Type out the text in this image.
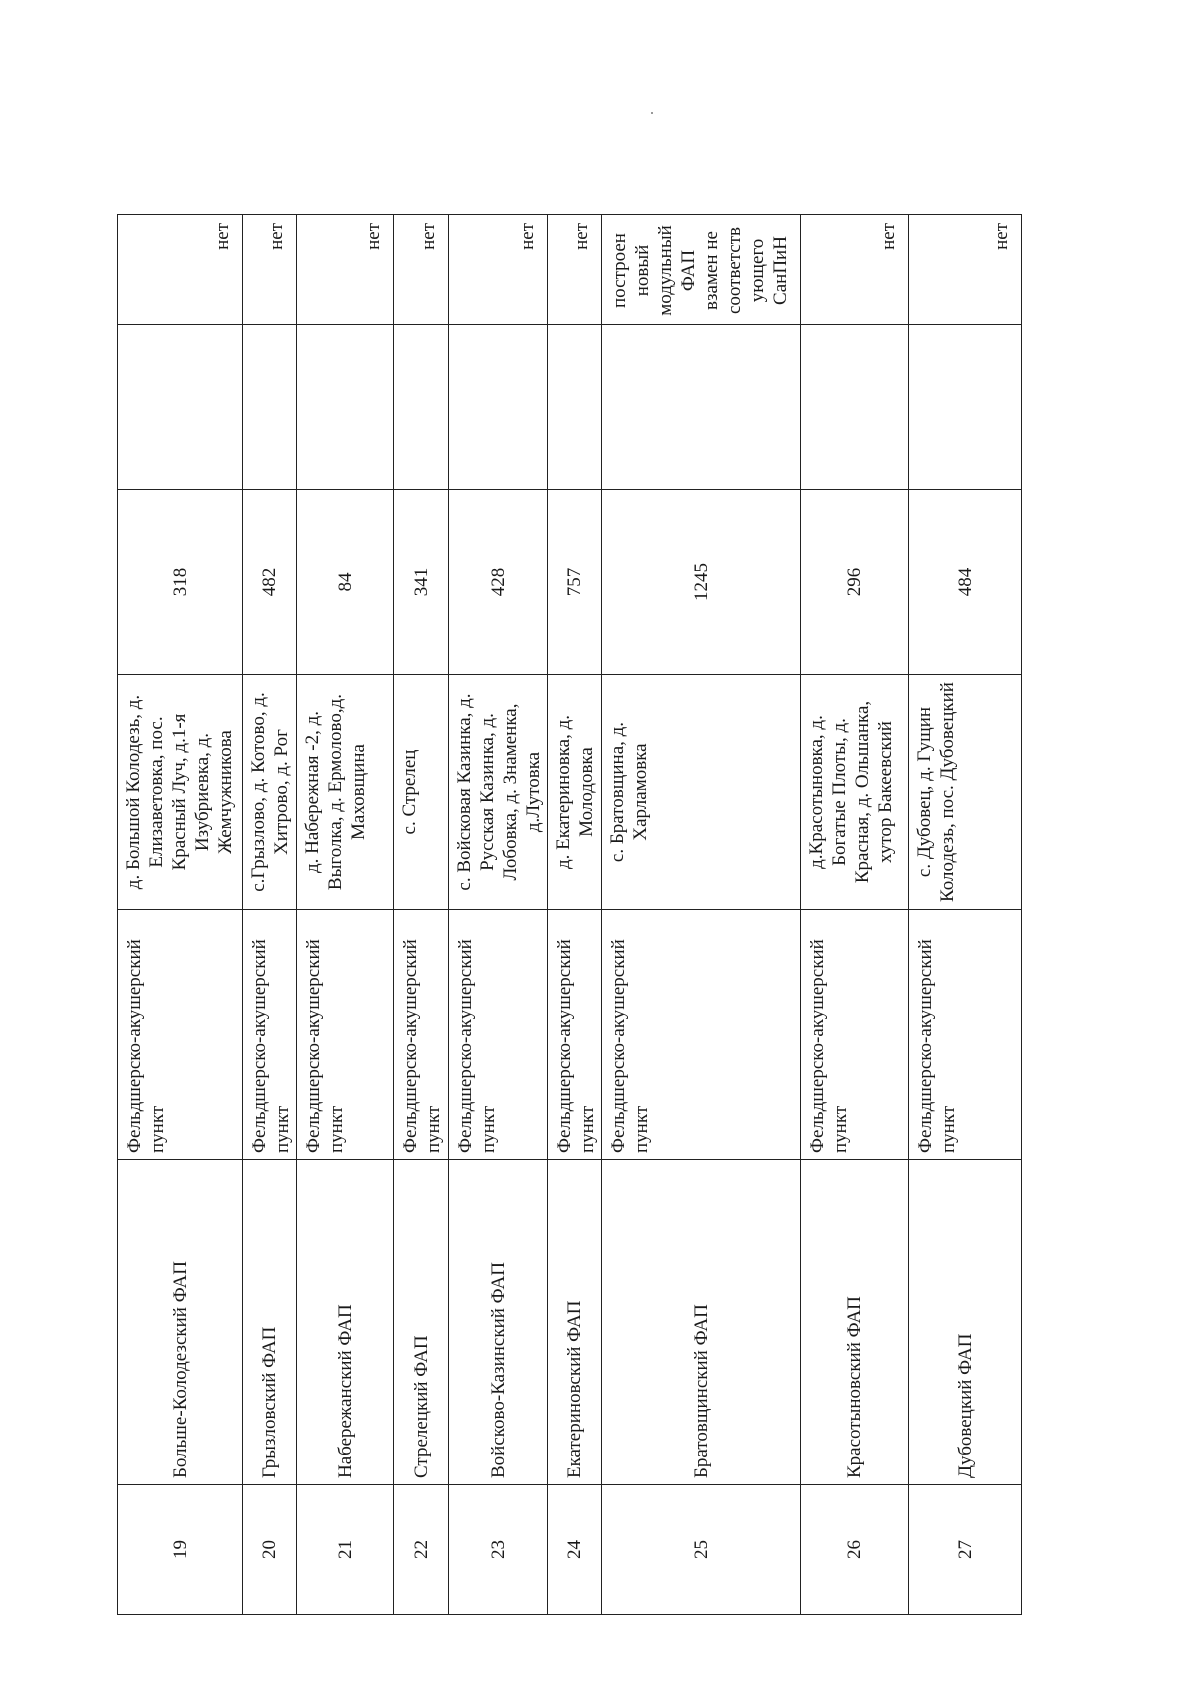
19	Больше-Колодезский ФАП	Фельдшерско-акушерский пункт	д. Большой Колодезь, д. Елизаветовка, пос. Красный Луч, д.1-я Изубриевка, д. Жемчужникова	318		нет
20	Грызловский ФАП	Фельдшерско-акушерский пункт	с.Грызлово, д. Котово, д. Хитрово, д. Рог	482		нет
21	Набережанский ФАП	Фельдшерско-акушерский пункт	д. Набережная -2, д. Выголка, д. Ермолово,д. Маховщина	84		нет
22	Стрелецкий ФАП	Фельдшерско-акушерский пункт	с. Стрелец	341		нет
23	Войсково-Казинский ФАП	Фельдшерско-акушерский пункт	с. Войсковая Казинка, д. Русская Казинка, д. Лобовка, д. Знаменка, д.Лутовка	428		нет
24	Екатериновский ФАП	Фельдшерско-акушерский пункт	д. Екатериновка, д. Молодовка	757		нет
25	Братовщинский ФАП	Фельдшерско-акушерский пункт	с. Братовщина, д. Харламовка	1245		построен новый модульный ФАП взамен не соответствующего СанПиН
26	Красотыновский ФАП	Фельдшерско-акушерский пункт	д.Красотыновка, д. Богатые Плоты, д. Красная, д. Ольшанка, хутор Бакеевский	296		нет
27	Дубовецкий ФАП	Фельдшерско-акушерский пункт	с. Дубовец, д. Гущин Колодезь, пос. Дубовецкий	484		нет
